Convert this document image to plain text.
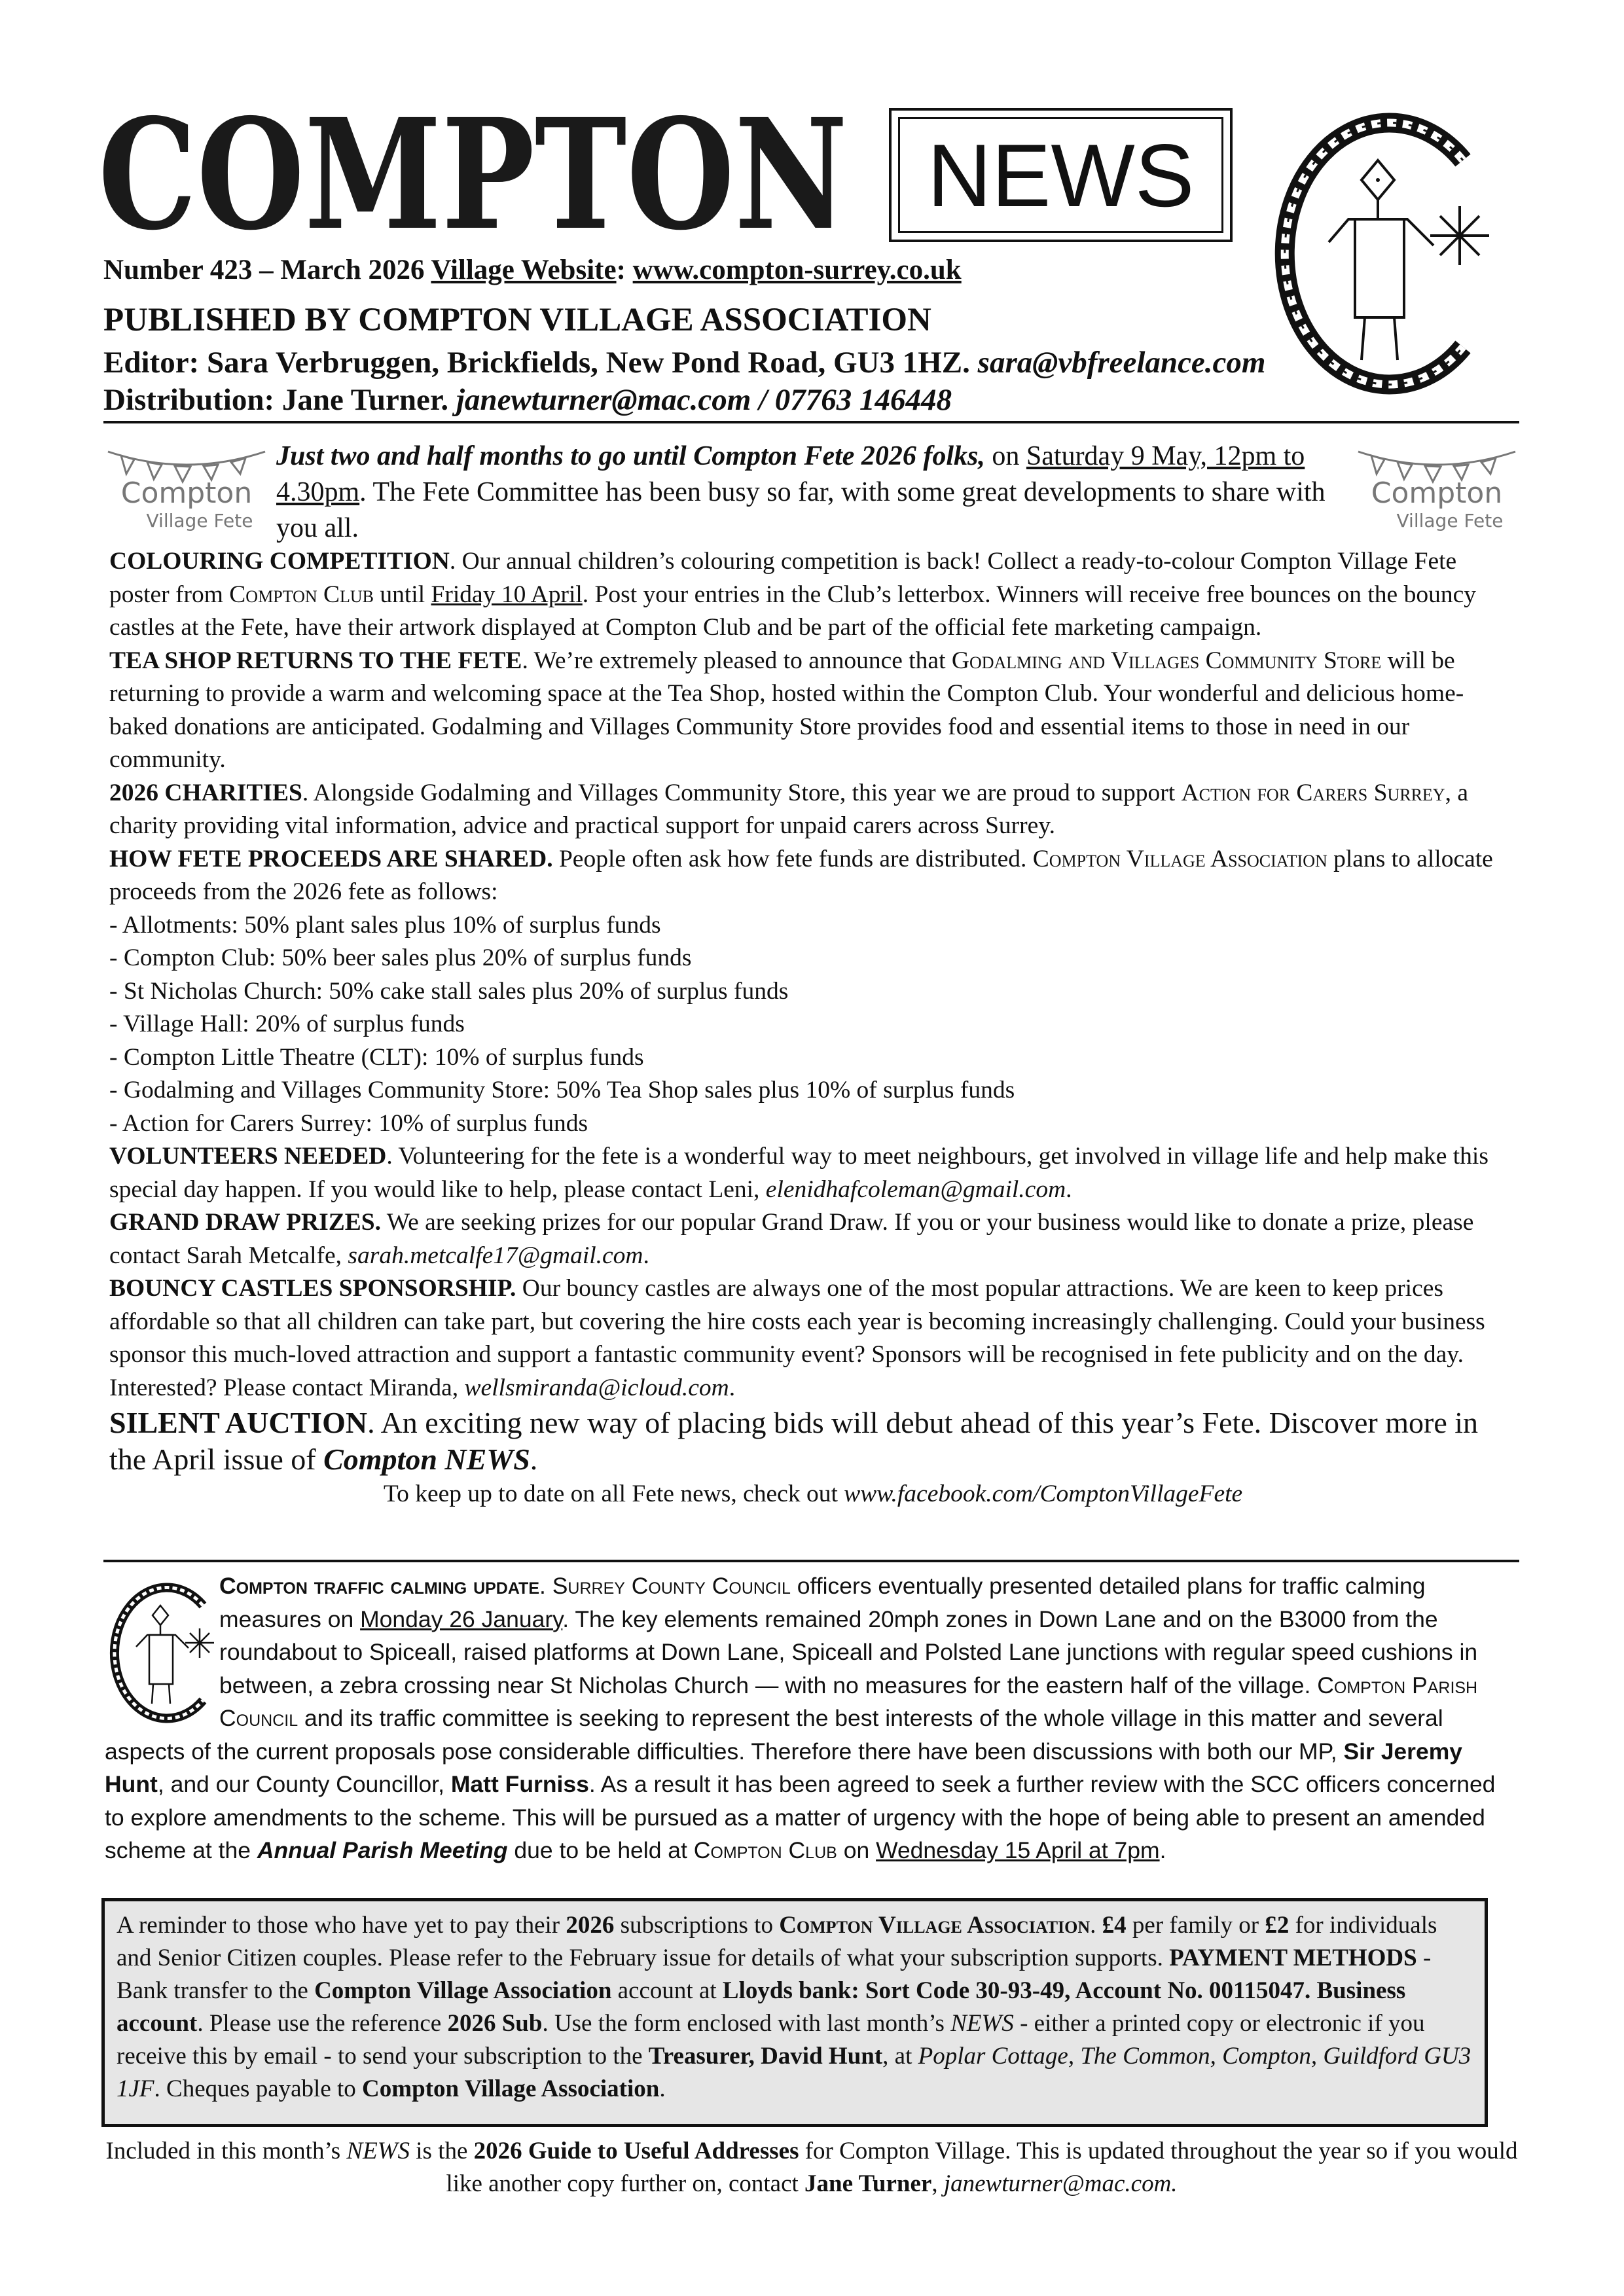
COMPTON NEWS
Number 423 – March 2026 Village Website: www.compton-surrey.co.uk
PUBLISHED BY COMPTON VILLAGE ASSOCIATION
Editor: Sara Verbruggen, Brickfields, New Pond Road, GU3 1HZ. sara@vbfreelance.com
Distribution: Jane Turner. janewturner@mac.com / 07763 146448
Compton
Village Fete
Compton
Village Fete
Just two and half months to go until Compton Fete 2026 folks, on Saturday 9 May, 12pm to 4.30pm. The Fete Committee has been busy so far, with some great developments to share with you all.

COLOURING COMPETITION. Our annual children’s colouring competition is back! Collect a ready-to-colour Compton Village Fete poster from Compton Club until Friday 10 April. Post your entries in the Club’s letterbox. Winners will receive free bounces on the bouncy castles at the Fete, have their artwork displayed at Compton Club and be part of the official fete marketing campaign.

TEA SHOP RETURNS TO THE FETE. We’re extremely pleased to announce that Godalming and Villages Community Store will be returning to provide a warm and welcoming space at the Tea Shop, hosted within the Compton Club. Your wonderful and delicious home-baked donations are anticipated. Godalming and Villages Community Store provides food and essential items to those in need in our community.

2026 CHARITIES. Alongside Godalming and Villages Community Store, this year we are proud to support Action for Carers Surrey, a charity providing vital information, advice and practical support for unpaid carers across Surrey.

HOW FETE PROCEEDS ARE SHARED. People often ask how fete funds are distributed. Compton Village Association plans to allocate proceeds from the 2026 fete as follows:

- Allotments: 50% plant sales plus 10% of surplus funds

- Compton Club: 50% beer sales plus 20% of surplus funds

- St Nicholas Church: 50% cake stall sales plus 20% of surplus funds

- Village Hall: 20% of surplus funds

- Compton Little Theatre (CLT): 10% of surplus funds

- Godalming and Villages Community Store: 50% Tea Shop sales plus 10% of surplus funds

- Action for Carers Surrey: 10% of surplus funds

VOLUNTEERS NEEDED. Volunteering for the fete is a wonderful way to meet neighbours, get involved in village life and help make this special day happen. If you would like to help, please contact Leni, elenidhafcoleman@gmail.com.

GRAND DRAW PRIZES. We are seeking prizes for our popular Grand Draw. If you or your business would like to donate a prize, please contact Sarah Metcalfe, sarah.metcalfe17@gmail.com.

BOUNCY CASTLES SPONSORSHIP. Our bouncy castles are always one of the most popular attractions. We are keen to keep prices affordable so that all children can take part, but covering the hire costs each year is becoming increasingly challenging. Could your business sponsor this much-loved attraction and support a fantastic community event? Sponsors will be recognised in fete publicity and on the day. Interested? Please contact Miranda, wellsmiranda@icloud.com.

SILENT AUCTION. An exciting new way of placing bids will debut ahead of this year’s Fete. Discover more in the April issue of Compton NEWS.

To keep up to date on all Fete news, check out www.facebook.com/ComptonVillageFete

Compton traffic calming update. Surrey County Council officers eventually presented detailed plans for traffic calming measures on Monday 26 January. The key elements remained 20mph zones in Down Lane and on the B3000 from the roundabout to Spiceall, raised platforms at Down Lane, Spiceall and Polsted Lane junctions with regular speed cushions in between, a zebra crossing near St Nicholas Church — with no measures for the eastern half of the village. Compton Parish Council and its traffic committee is seeking to represent the best interests of the whole village in this matter and several aspects of the current proposals pose considerable difficulties. Therefore there have been discussions with both our MP, Sir Jeremy Hunt, and our County Councillor, Matt Furniss. As a result it has been agreed to seek a further review with the SCC officers concerned to explore amendments to the scheme. This will be pursued as a matter of urgency with the hope of being able to present an amended scheme at the Annual Parish Meeting due to be held at Compton Club on Wednesday 15 April at 7pm.
A reminder to those who have yet to pay their 2026 subscriptions to Compton Village Association. £4 per family or £2 for individuals and Senior Citizen couples. Please refer to the February issue for details of what your subscription supports. PAYMENT METHODS - Bank transfer to the Compton Village Association account at Lloyds bank: Sort Code 30-93-49, Account No. 00115047. Business account. Please use the reference 2026 Sub. Use the form enclosed with last month’s NEWS - either a printed copy or electronic if you receive this by email - to send your subscription to the Treasurer, David Hunt, at Poplar Cottage, The Common, Compton, Guildford GU3 1JF. Cheques payable to Compton Village Association.
Included in this month’s NEWS is the 2026 Guide to Useful Addresses for Compton Village. This is updated throughout the year so if you would like another copy further on, contact Jane Turner, janewturner@mac.com.
